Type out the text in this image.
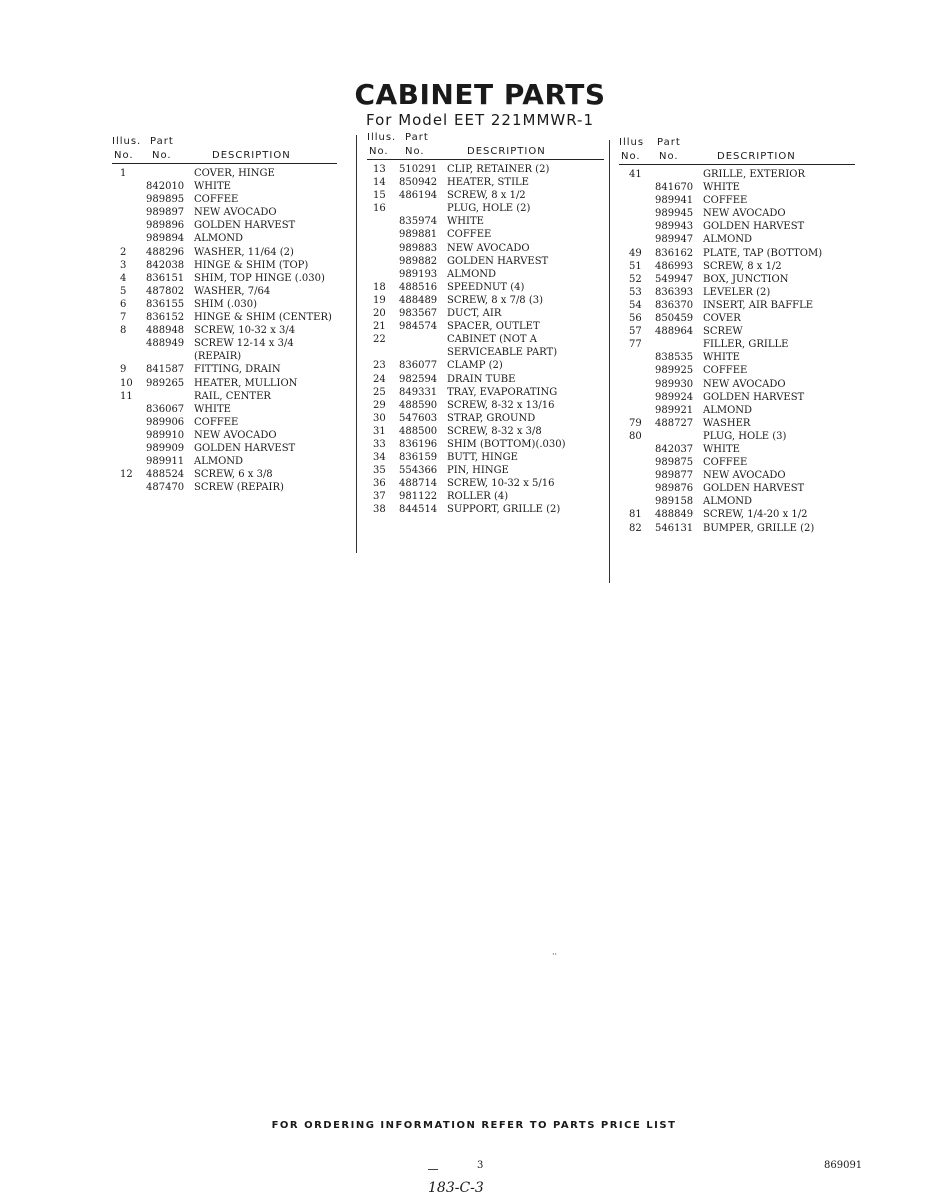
CABINET PARTS
For Model EET 221MMWR-1
Illus. Part
No. No.	DESCRIPTION
1	COVER, HINGE
842010 WHITE
989895 COFFEE
989897 NEW AVOCADO
989896 GOLDEN HARVEST
989894 ALMOND
2 488296 WASHER, 11/64 (2)
3 842038 HINGE & SHIM (TOP)
4 836151 SHIM, TOP HINGE (.030)
5 487802 WASHER, 7/64
6 836155 SHIM (.030)
7 836152 HINGE & SHIM (CENTER)
8 488948 SCREW, 10-32 x 3/4
488949 SCREW 12-14 x 3/4
(REPAIR)
9 841587 FITTING, DRAIN
10 989265 HEATER, MULLION
11	RAIL, CENTER
836067 WHITE
989906 COFFEE
989910 NEW AVOCADO
989909 GOLDEN HARVEST
989911 ALMOND
12 488524 SCREW, 6 x 3/8
487470 SCREW (REPAIR)
Illus. Part
No. No.	DESCRIPTION
13 510291 CLIP, RETAINER (2)
14 850942 HEATER, STILE
15 486194 SCREW, 8 x 1/2
16	PLUG, HOLE (2)
835974 WHITE
989881 COFFEE
989883 NEW AVOCADO
989882 GOLDEN HARVEST
989193 ALMOND
18 488516 SPEEDNUT (4)
19 488489 SCREW, 8 x 7/8 (3)
20 983567 DUCT, AIR
21 984574 SPACER, OUTLET
22	CABINET (NOT A
SERVICEABLE PART)
23 836077 CLAMP (2)
24 982594 DRAIN TUBE
25 849331 TRAY, EVAPORATING
29 488590 SCREW, 8-32 x 13/16
30 547603 STRAP, GROUND
31 488500 SCREW, 8-32 x 3/8
33 836196 SHIM (BOTTOM)(.030)
34 836159 BUTT, HINGE
35 554366 PIN, HINGE
36 488714 SCREW, 10-32 x 5/16
37 981122 ROLLER (4)
38 844514 SUPPORT, GRILLE (2)
Illus Part
No. No.	DESCRIPTION
41	GRILLE, EXTERIOR
841670 WHITE
989941 COFFEE
989945 NEW AVOCADO
989943 GOLDEN HARVEST
989947 ALMOND
49 836162 PLATE, TAP (BOTTOM)
51 486993 SCREW, 8 x 1/2
52 549947 BOX, JUNCTION
53 836393 LEVELER (2)
54 836370 INSERT, AIR BAFFLE
56 850459 COVER
57 488964 SCREW
77	FILLER, GRILLE
838535 WHITE
989925 COFFEE
989930 NEW AVOCADO
989924 GOLDEN HARVEST
989921 ALMOND
79 488727 WASHER
80	PLUG, HOLE (3)
842037 WHITE
989875 COFFEE
989877 NEW AVOCADO
989876 GOLDEN HARVEST
989158 ALMOND
81 488849 SCREW, 1/4-20 x 1/2
82 546131 BUMPER, GRILLE (2)
··
FOR ORDERING INFORMATION REFER TO PARTS PRICE LIST
3	869091
183-C-3
